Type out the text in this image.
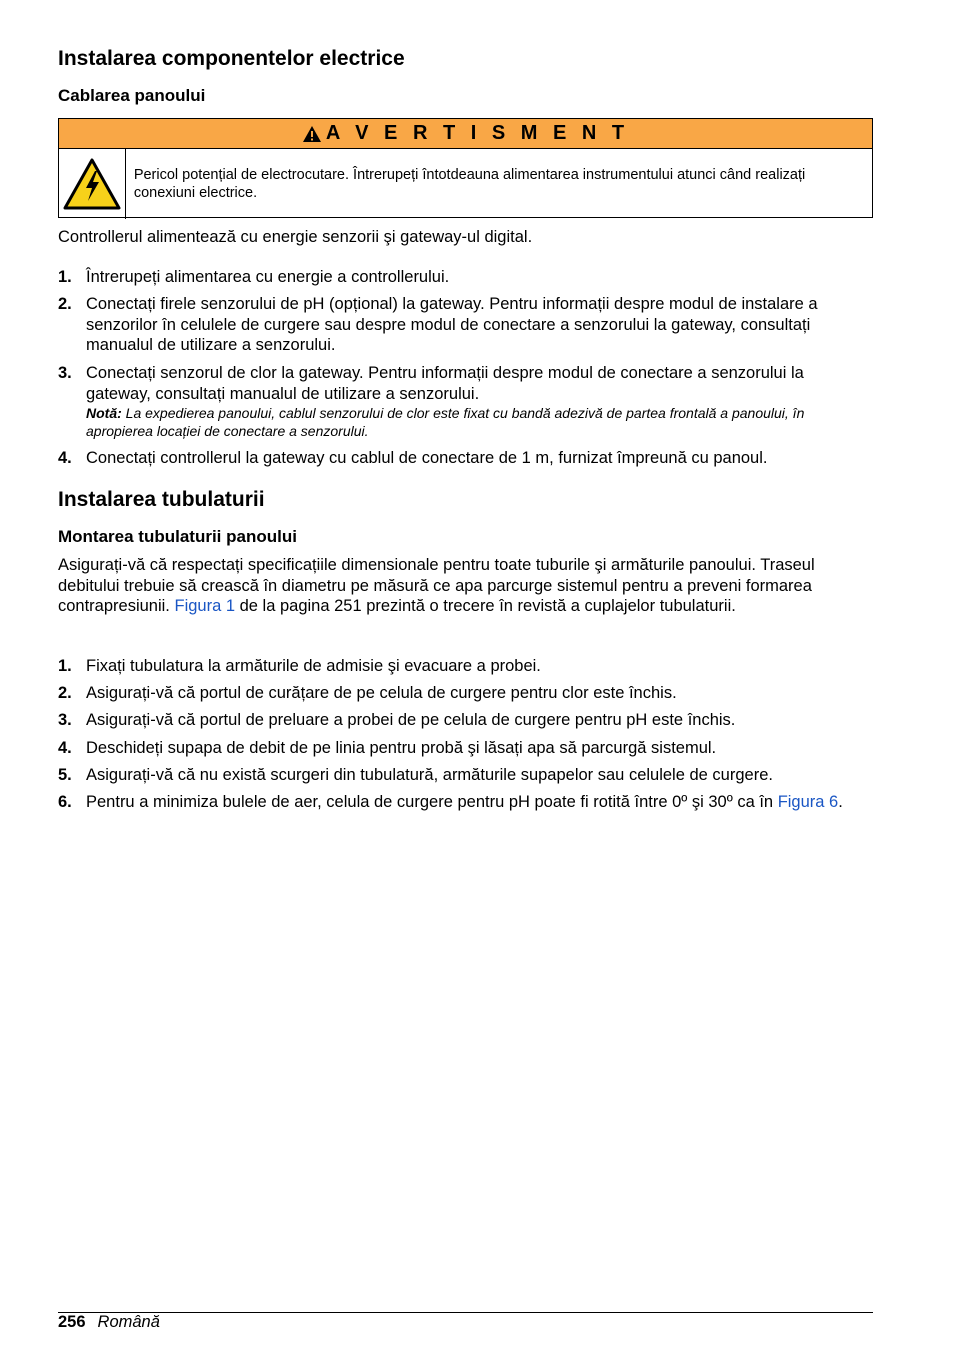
Instalarea componentelor electrice
Cablarea panoului
A V E R T I S M E N T
Pericol potențial de electrocutare. Întrerupeți întotdeauna alimentarea instrumentului atunci când realizați conexiuni electrice.

Controllerul alimentează cu energie senzorii şi gateway-ul digital.

1. Întrerupeți alimentarea cu energie a controllerului.
2. Conectați firele senzorului de pH (opțional) la gateway. Pentru informații despre modul de instalare a senzorilor în celulele de curgere sau despre modul de conectare a senzorului la gateway, consultați manualul de utilizare a senzorului.
3. Conectați senzorul de clor la gateway. Pentru informații despre modul de conectare a senzorului la gateway, consultați manualul de utilizare a senzorului.
Notă: La expedierea panoului, cablul senzorului de clor este fixat cu bandă adezivă de partea frontală a panoului, în apropierea locației de conectare a senzorului.
4. Conectați controllerul la gateway cu cablul de conectare de 1 m, furnizat împreună cu panoul.
Instalarea tubulaturii
Montarea tubulaturii panoului

Asigurați-vă că respectați specificațiile dimensionale pentru toate tuburile şi armăturile panoului. Traseul debitului trebuie să crească în diametru pe măsură ce apa parcurge sistemul pentru a preveni formarea contrapresiunii. Figura 1 de la pagina 251 prezintă o trecere în revistă a cuplajelor tubulaturii.

1. Fixați tubulatura la armăturile de admisie şi evacuare a probei.
2. Asigurați-vă că portul de curățare de pe celula de curgere pentru clor este închis.
3. Asigurați-vă că portul de preluare a probei de pe celula de curgere pentru pH este închis.
4. Deschideți supapa de debit de pe linia pentru probă şi lăsați apa să parcurgă sistemul.
5. Asigurați-vă că nu există scurgeri din tubulatură, armăturile supapelor sau celulele de curgere.
6. Pentru a minimiza bulele de aer, celula de curgere pentru pH poate fi rotită între 0º şi 30º ca în Figura 6.
256 Română
